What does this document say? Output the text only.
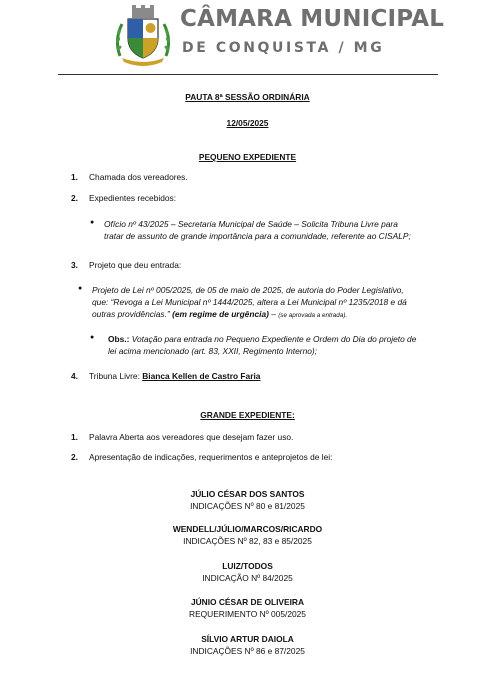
CÂMARA MUNICIPAL
DE CONQUISTA / MG
PAUTA 8ª SESSÃO ORDINÁRIA
12/05/2025
PEQUENO EXPEDIENTE
1. Chamada dos vereadores.
2. Expedientes recebidos:
● Ofício nº 43/2025 – Secretaria Municipal de Saúde – Solicita Tribuna Livre para
tratar de assunto de grande importância para a comunidade, referente ao CISALP;
3. Projeto que deu entrada:
● Projeto de Lei nº 005/2025, de 05 de maio de 2025, de autoria do Poder Legislativo,
que: “Revoga a Lei Municipal nº 1444/2025, altera a Lei Municipal nº 1235/2018 e dá
outras providências.” (em regime de urgência) – (se aprovada a entrada).
● Obs.: Votação para entrada no Pequeno Expediente e Ordem do Dia do projeto de
lei acima mencionado (art. 83, XXII, Regimento Interno);
4. Tribuna Livre: Bianca Kellen de Castro Faria
GRANDE EXPEDIENTE:
1. Palavra Aberta aos vereadores que desejam fazer uso.
2. Apresentação de indicações, requerimentos e anteprojetos de lei:
JÚLIO CÉSAR DOS SANTOS
INDICAÇÕES Nº 80 e 81/2025
WENDELL/JÚLIO/MARCOS/RICARDO
INDICAÇÕES Nº 82, 83 e 85/2025
LUIZ/TODOS
INDICAÇÃO Nº 84/2025
JÚNIO CÉSAR DE OLIVEIRA
REQUERIMENTO Nº 005/2025
SÍLVIO ARTUR DAIOLA
INDICAÇÕES Nº 86 e 87/2025
